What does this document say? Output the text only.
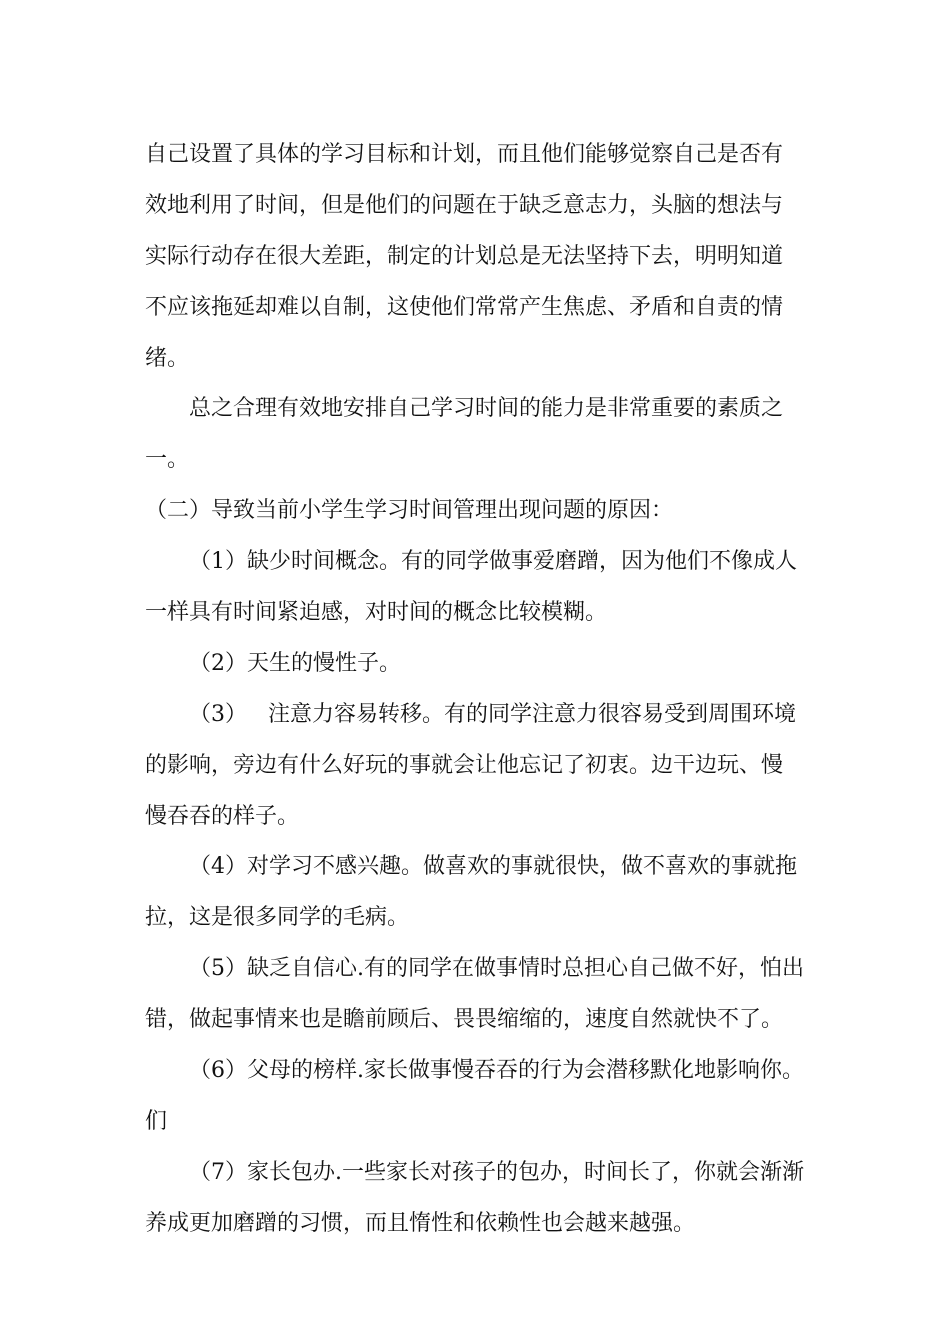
自己设置了具体的学习目标和计划，而且他们能够觉察自己是否有
效地利用了时间，但是他们的问题在于缺乏意志力，头脑的想法与
实际行动存在很大差距，制定的计划总是无法坚持下去，明明知道
不应该拖延却难以自制，这使他们常常产生焦虑、矛盾和自责的情
绪。
总之合理有效地安排自己学习时间的能力是非常重要的素质之
一。
（二）导致当前小学生学习时间管理出现问题的原因：
（1）缺少时间概念。有的同学做事爱磨蹭，因为他们不像成人
一样具有时间紧迫感，对时间的概念比较模糊。
（2）天生的慢性子。
（3）   注意力容易转移。有的同学注意力很容易受到周围环境
的影响，旁边有什么好玩的事就会让他忘记了初衷。边干边玩、慢
慢吞吞的样子。
（4）对学习不感兴趣。做喜欢的事就很快，做不喜欢的事就拖
拉，这是很多同学的毛病。
（5）缺乏自信心.有的同学在做事情时总担心自己做不好，怕出
错，做起事情来也是瞻前顾后、畏畏缩缩的，速度自然就快不了。
（6）父母的榜样.家长做事慢吞吞的行为会潜移默化地影响你。
们
（7）家长包办.一些家长对孩子的包办，时间长了，你就会渐渐
养成更加磨蹭的习惯，而且惰性和依赖性也会越来越强。
